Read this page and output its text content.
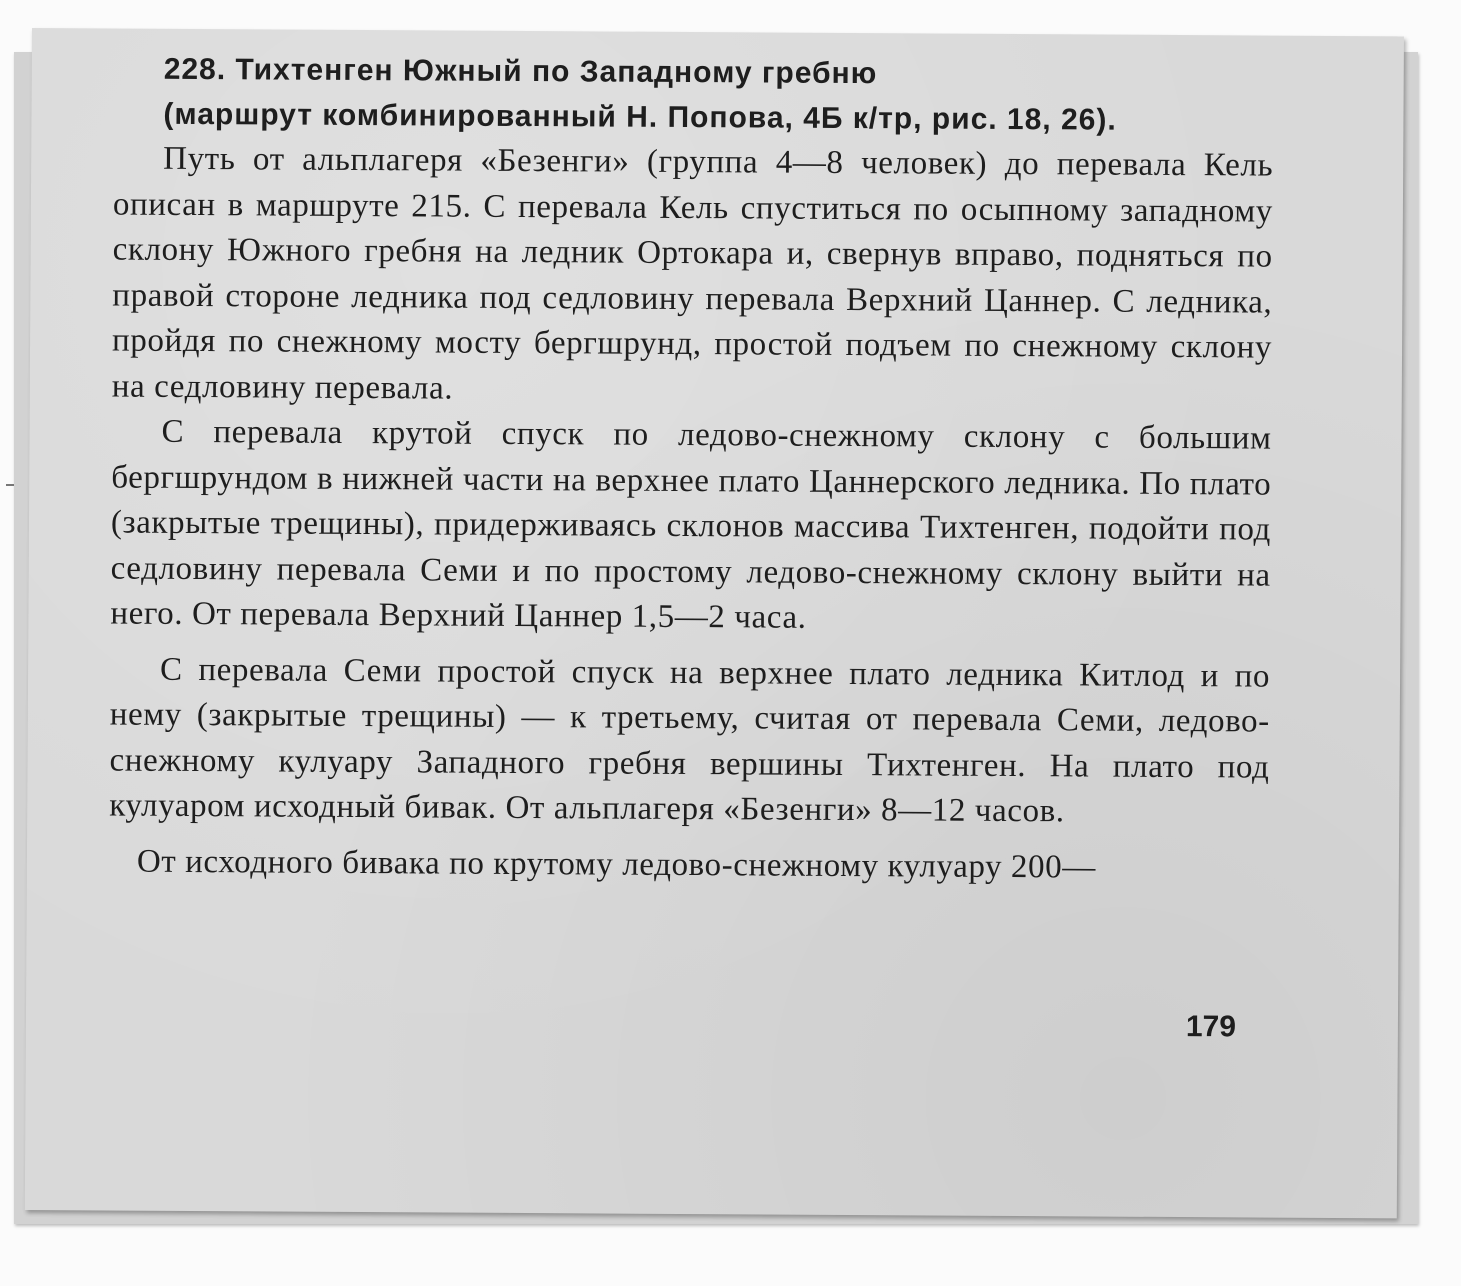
228. Тихтенген Южный по Западному гребню
(маршрут комбинированный Н. Попова, 4Б к/тр, рис. 18, 26).

Путь от альплагеря «Безенги» (группа 4—8 человек) до перевала Кель описан в маршруте 215. С перевала Кель спуститься по осыпному западному склону Южного гребня на ледник Ортокара и, свернув вправо, подняться по правой стороне ледника под седловину перевала Верхний Цаннер. С ледника, пройдя по снежному мосту бергшрунд, простой подъем по снежному склону на седловину перевала.

С перевала крутой спуск по ледово-снежному склону с большим бергшрундом в нижней части на верхнее плато Цаннерского ледника. По плато (закрытые трещины), придерживаясь склонов массива Тихтенген, подойти под седловину перевала Семи и по простому ледово-снежному склону выйти на него. От перевала Верхний Цаннер 1,5—2 часа.

С перевала Семи простой спуск на верхнее плато ледника Китлод и по нему (закрытые трещины) — к третьему, считая от перевала Семи, ледово-снежному кулуару Западного гребня вершины Тихтенген. На плато под кулуаром исходный бивак. От альплагеря «Безенги» 8—12 часов.

От исходного бивака по крутому ледово-снежному кулуару 200—

179
